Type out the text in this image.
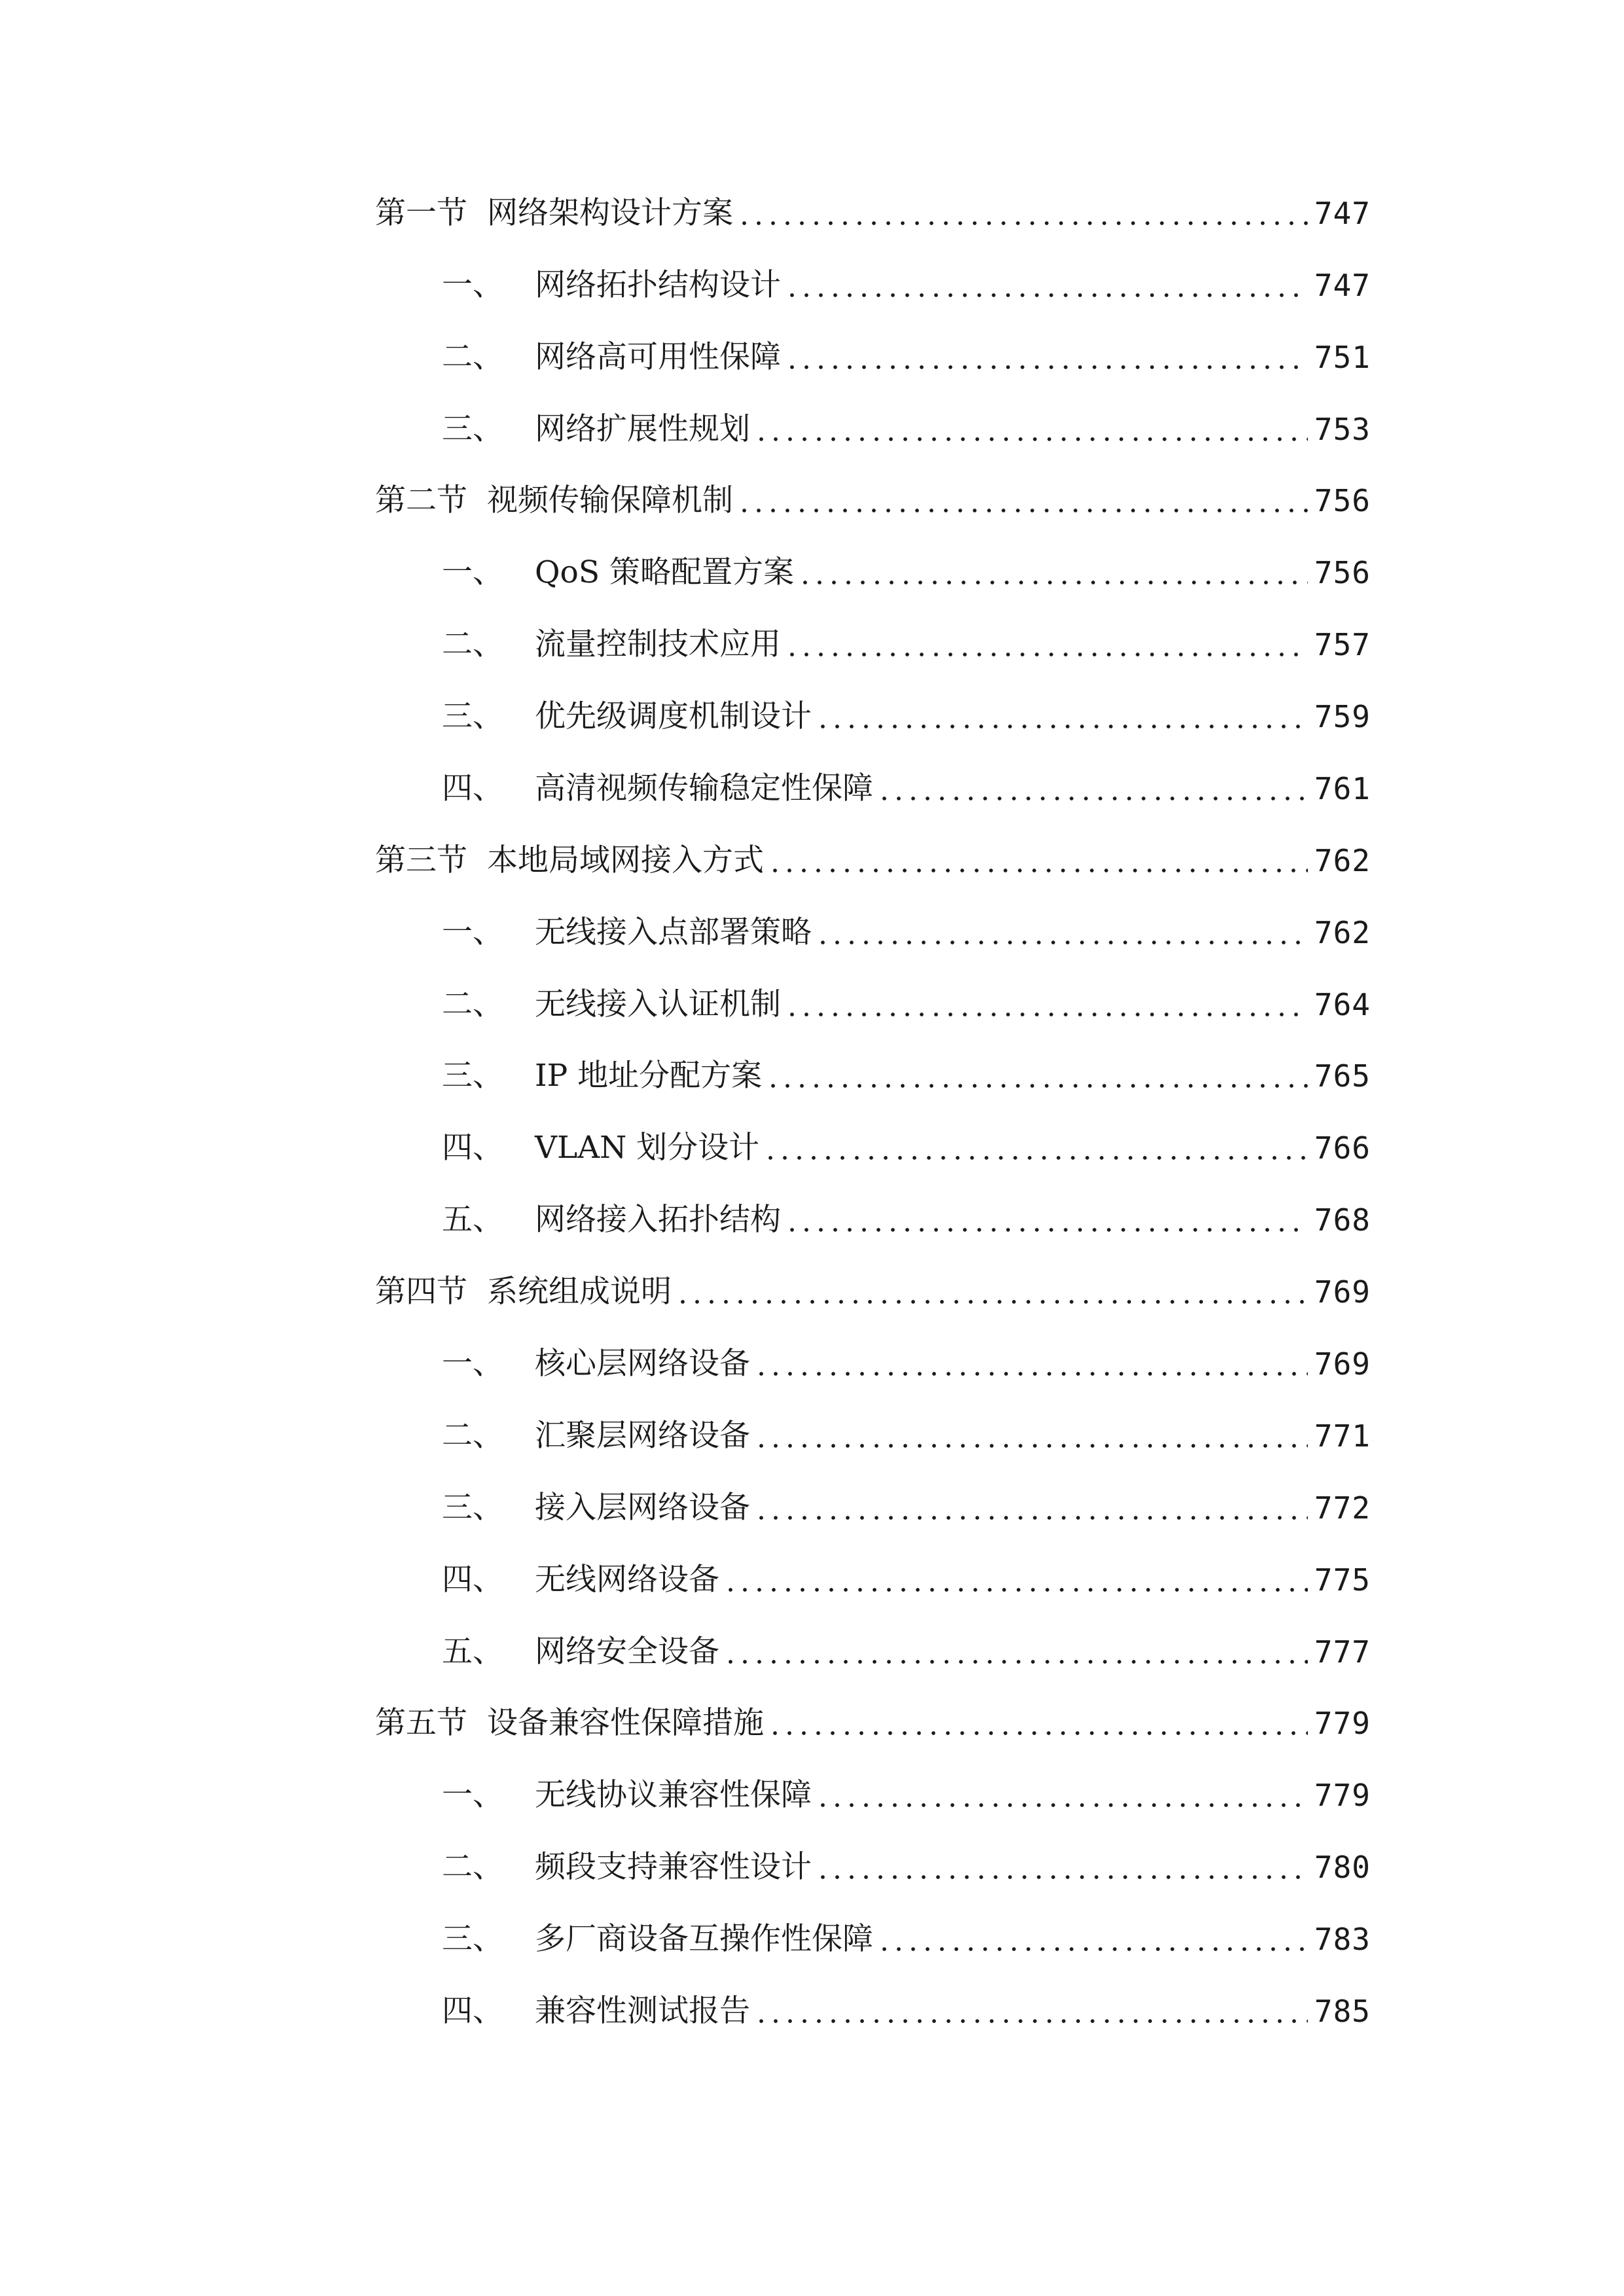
第一节 网络架构设计方案	747
一、 网络拓扑结构设计	747
二、 网络高可用性保障	751
三、 网络扩展性规划	753
第二节 视频传输保障机制	756
一、 QoS 策略配置方案	756
二、 流量控制技术应用	757
三、 优先级调度机制设计	759
四、 高清视频传输稳定性保障	761
第三节 本地局域网接入方式	762
一、 无线接入点部署策略	762
二、 无线接入认证机制	764
三、 IP 地址分配方案	765
四、 VLAN 划分设计	766
五、 网络接入拓扑结构	768
第四节 系统组成说明	769
一、 核心层网络设备	769
二、 汇聚层网络设备	771
三、 接入层网络设备	772
四、 无线网络设备	775
五、 网络安全设备	777
第五节 设备兼容性保障措施	779
一、 无线协议兼容性保障	779
二、 频段支持兼容性设计	780
三、 多厂商设备互操作性保障	783
四、 兼容性测试报告	785
